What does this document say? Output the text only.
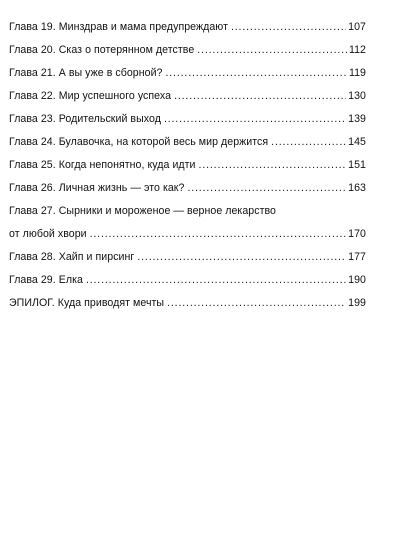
Глава 19. Минздрав и мама предупреждают . . .	107
Глава 20. Сказ о потерянном детстве . . .	112
Глава 21. А вы уже в сборной? . . .	119
Глава 22. Мир успешного успеха . . .	130
Глава 23. Родительский выход . . .	139
Глава 24. Булавочка, на которой весь мир держится . . .	145
Глава 25. Когда непонятно, куда идти . . .	151
Глава 26. Личная жизнь — это как? . . .	163
Глава 27. Сырники и мороженое — верное лекарство
от любой хвори . . .	170
Глава 28. Хайп и пирсинг . . .	177
Глава 29. Елка . . .	190
ЭПИЛОГ. Куда приводят мечты . . .	199
